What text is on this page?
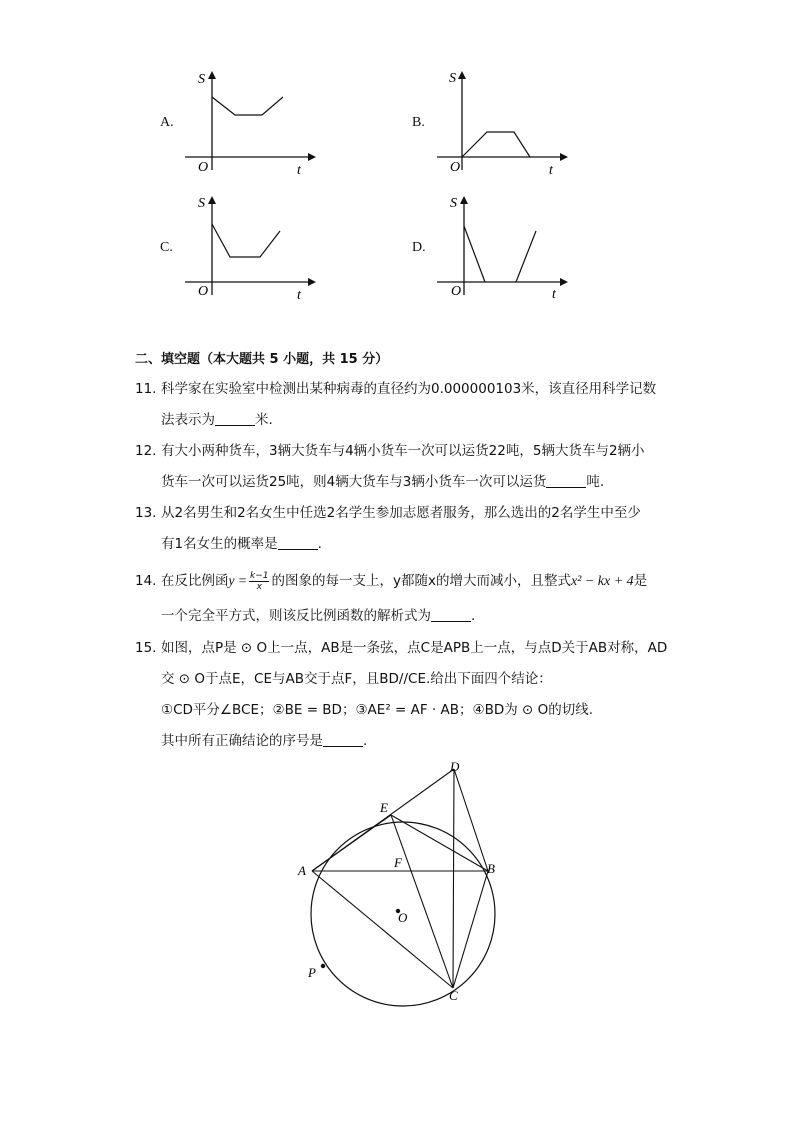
A.
S
t
O
B.
S
t
O
C.
S
t
O
D.
S
t
O
二、填空题（本大题共 5 小题，共 15 分）
11. 科学家在实验室中检测出某种病毒的直径约为0.000000103米，该直径用科学记数
法表示为	米.
12. 有大小两种货车，3辆大货车与4辆小货车一次可以运货22吨，5辆大货车与2辆小
货车一次可以运货25吨，则4辆大货车与3辆小货车一次可以运货	吨.
13. 从2名男生和2名女生中任选2名学生参加志愿者服务，那么选出的2名学生中至少
有1名女生的概率是	.
14. 在反比例函$y = \frac{k-1}{x}$ 的图象的每一支上，y都随x的增大而减小，且整式x² − kx + 4是
一个完全平方式，则该反比例函数的解析式为	.
15. 如图，点P是 ⊙ O上一点，AB是一条弦，点C是APB上一点，与点D关于AB对称，AD
交 ⊙ O于点E，CE与AB交于点F，且BD//CE.给出下面四个结论：
①CD平分∠BCE；②BE = BD；③AE² = AF · AB；④BD为 ⊙ O的切线.
其中所有正确结论的序号是	.
D
E
F
A	B
O
P
C
